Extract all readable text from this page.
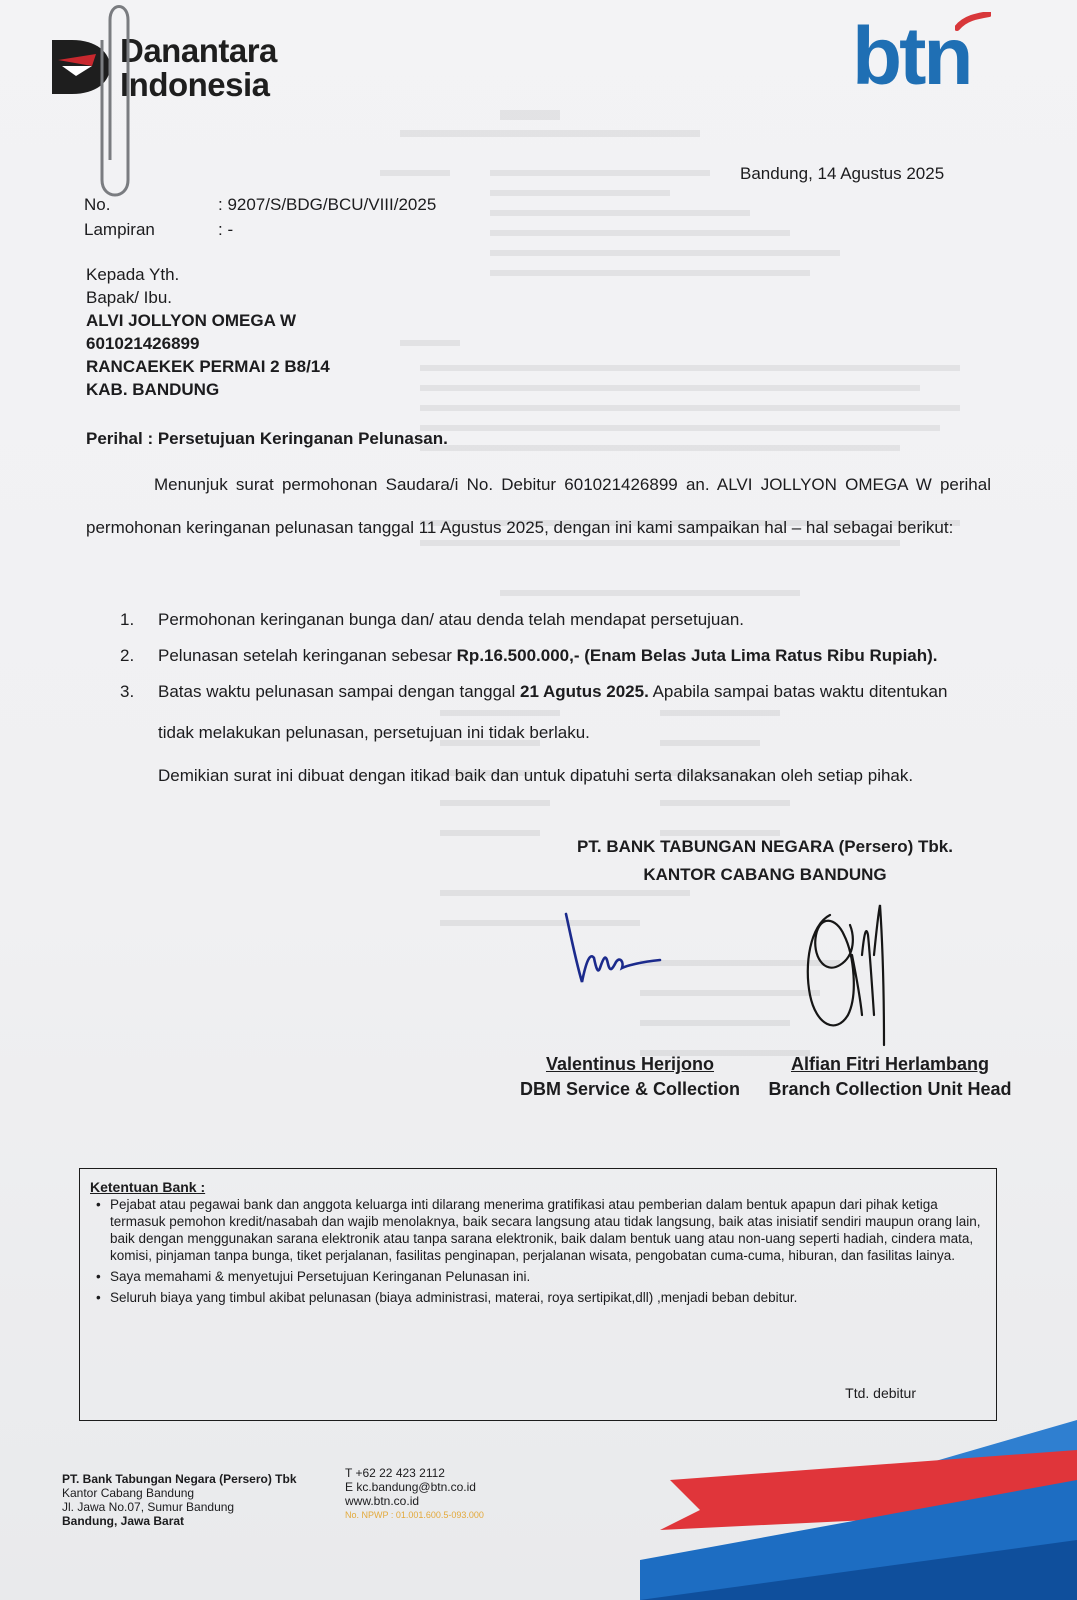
Danantara
Indonesia	btn
Bandung, 14 Agustus 2025
No.	: 9207/S/BDG/BCU/VIII/2025
Lampiran	: -
Kepada Yth.
Bapak/ Ibu.
ALVI JOLLYON OMEGA W
601021426899
RANCAEKEK PERMAI 2 B8/14
KAB. BANDUNG
Perihal : Persetujuan Keringanan Pelunasan.
Menunjuk surat permohonan Saudara/i No. Debitur 601021426899 an. ALVI JOLLYON OMEGA W perihal permohonan keringanan pelunasan tanggal 11 Agustus 2025, dengan ini kami sampaikan hal – hal sebagai berikut:
1. Permohonan keringanan bunga dan/ atau denda telah mendapat persetujuan.
2. Pelunasan setelah keringanan sebesar Rp.16.500.000,- (Enam Belas Juta Lima Ratus Ribu Rupiah).
3. Batas waktu pelunasan sampai dengan tanggal 21 Agutus 2025. Apabila sampai batas waktu ditentukan
tidak melakukan pelunasan, persetujuan ini tidak berlaku.
Demikian surat ini dibuat dengan itikad baik dan untuk dipatuhi serta dilaksanakan oleh setiap pihak.
PT. BANK TABUNGAN NEGARA (Persero) Tbk.
KANTOR CABANG BANDUNG
Valentinus Herijono
DBM Service & Collection
Alfian Fitri Herlambang
Branch Collection Unit Head
Ketentuan Bank :
• Pejabat atau pegawai bank dan anggota keluarga inti dilarang menerima gratifikasi atau pemberian dalam bentuk apapun dari pihak ketiga termasuk pemohon kredit/nasabah dan wajib menolaknya, baik secara langsung atau tidak langsung, baik atas inisiatif sendiri maupun orang lain, baik dengan menggunakan sarana elektronik atau tanpa sarana elektronik, baik dalam bentuk uang atau non-uang seperti hadiah, cindera mata, komisi, pinjaman tanpa bunga, tiket perjalanan, fasilitas penginapan, perjalanan wisata, pengobatan cuma-cuma, hiburan, dan fasilitas lainya.
• Saya memahami & menyetujui Persetujuan Keringanan Pelunasan ini.
• Seluruh biaya yang timbul akibat pelunasan (biaya administrasi, materai, roya sertipikat,dll) ,menjadi beban debitur.
Ttd. debitur
PT. Bank Tabungan Negara (Persero) Tbk
Kantor Cabang Bandung
Jl. Jawa No.07, Sumur Bandung
Bandung, Jawa Barat
T +62 22 423 2112
E kc.bandung@btn.co.id
www.btn.co.id
No. NPWP : 01.001.600.5-093.000
